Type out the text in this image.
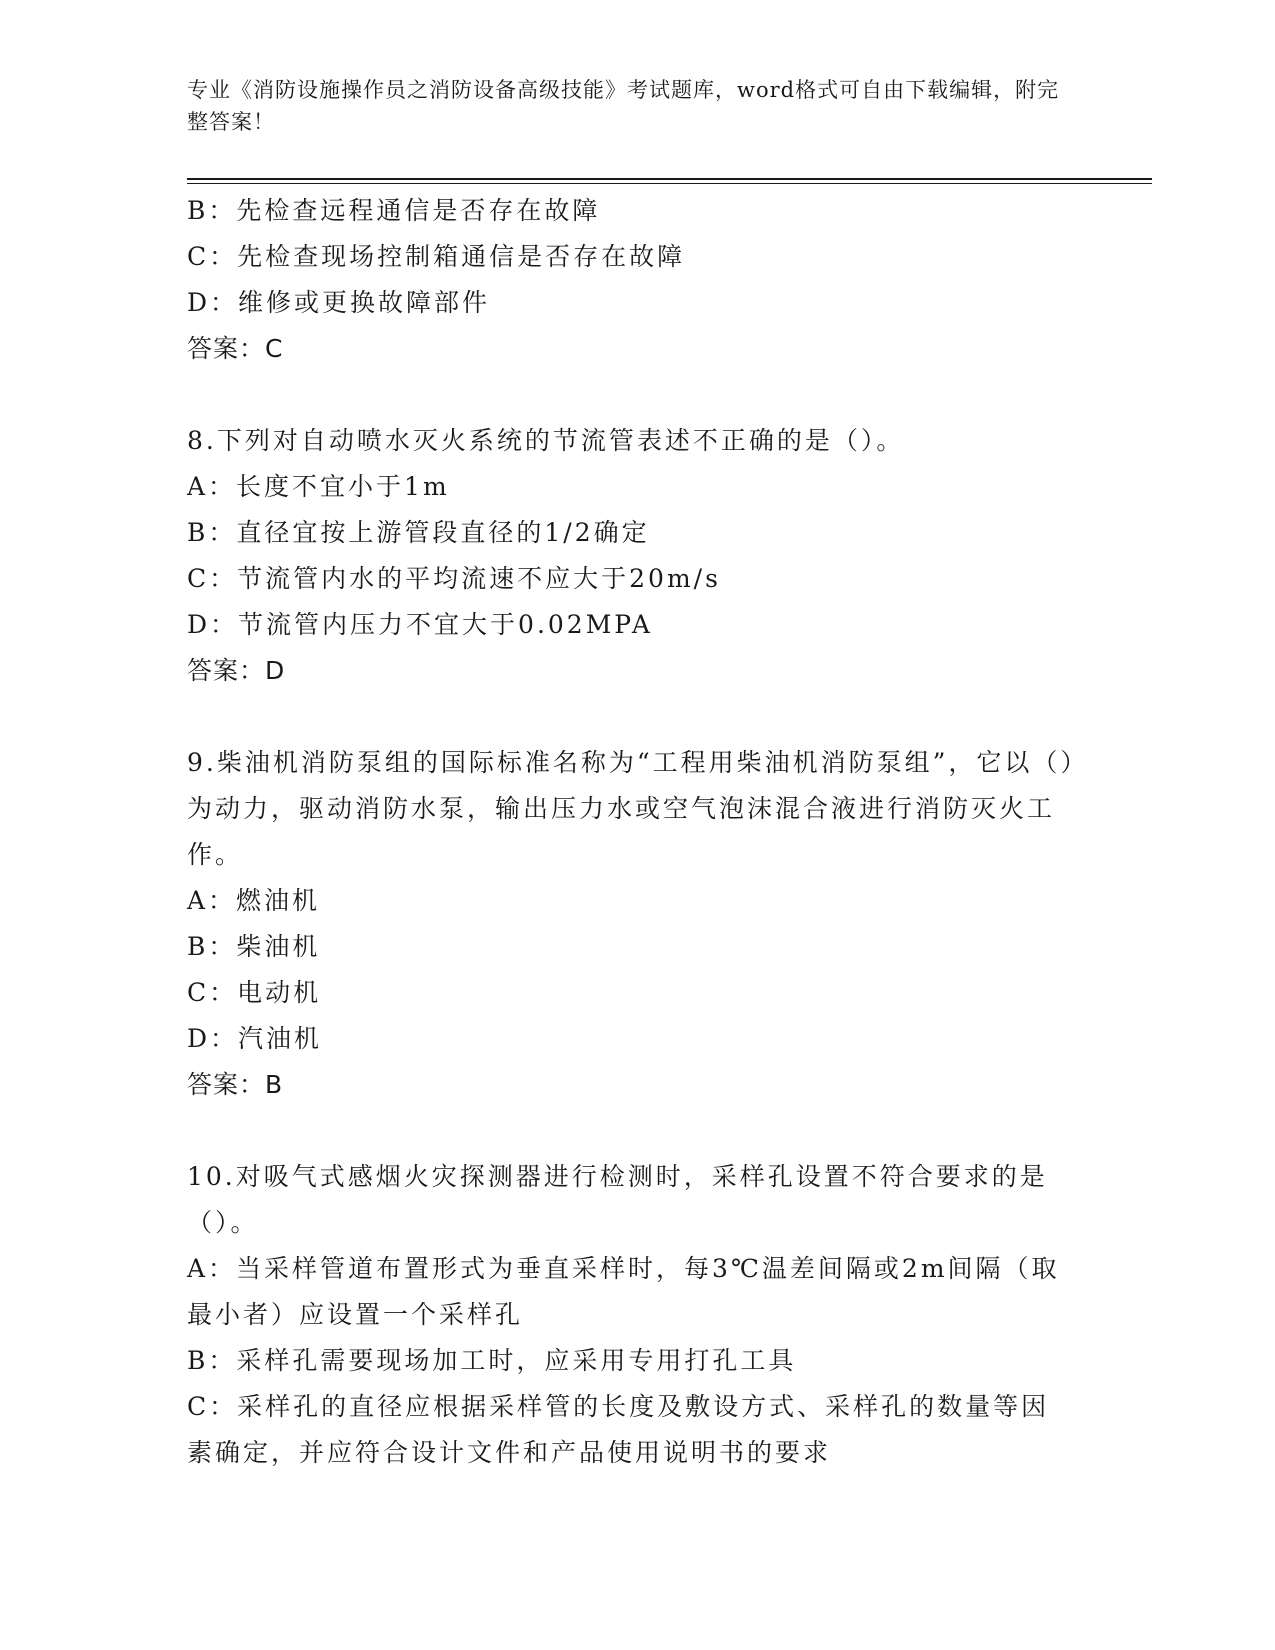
专业《消防设施操作员之消防设备高级技能》考试题库，word格式可自由下载编辑，附完整答案！

B：先检查远程通信是否存在故障

C：先检查现场控制箱通信是否存在故障

D：维修或更换故障部件

答案：C

8.下列对自动喷水灭火系统的节流管表述不正确的是（）。

A：长度不宜小于1m

B：直径宜按上游管段直径的1/2确定

C：节流管内水的平均流速不应大于20m/s

D：节流管内压力不宜大于0.02MPA

答案：D

9.柴油机消防泵组的国际标准名称为“工程用柴油机消防泵组”，它以（）为动力，驱动消防水泵，输出压力水或空气泡沫混合液进行消防灭火工作。

A：燃油机

B：柴油机

C：电动机

D：汽油机

答案：B

10.对吸气式感烟火灾探测器进行检测时，采样孔设置不符合要求的是（）。

A：当采样管道布置形式为垂直采样时，每3℃温差间隔或2m间隔（取最小者）应设置一个采样孔

B：采样孔需要现场加工时，应采用专用打孔工具

C：采样孔的直径应根据采样管的长度及敷设方式、采样孔的数量等因素确定，并应符合设计文件和产品使用说明书的要求
